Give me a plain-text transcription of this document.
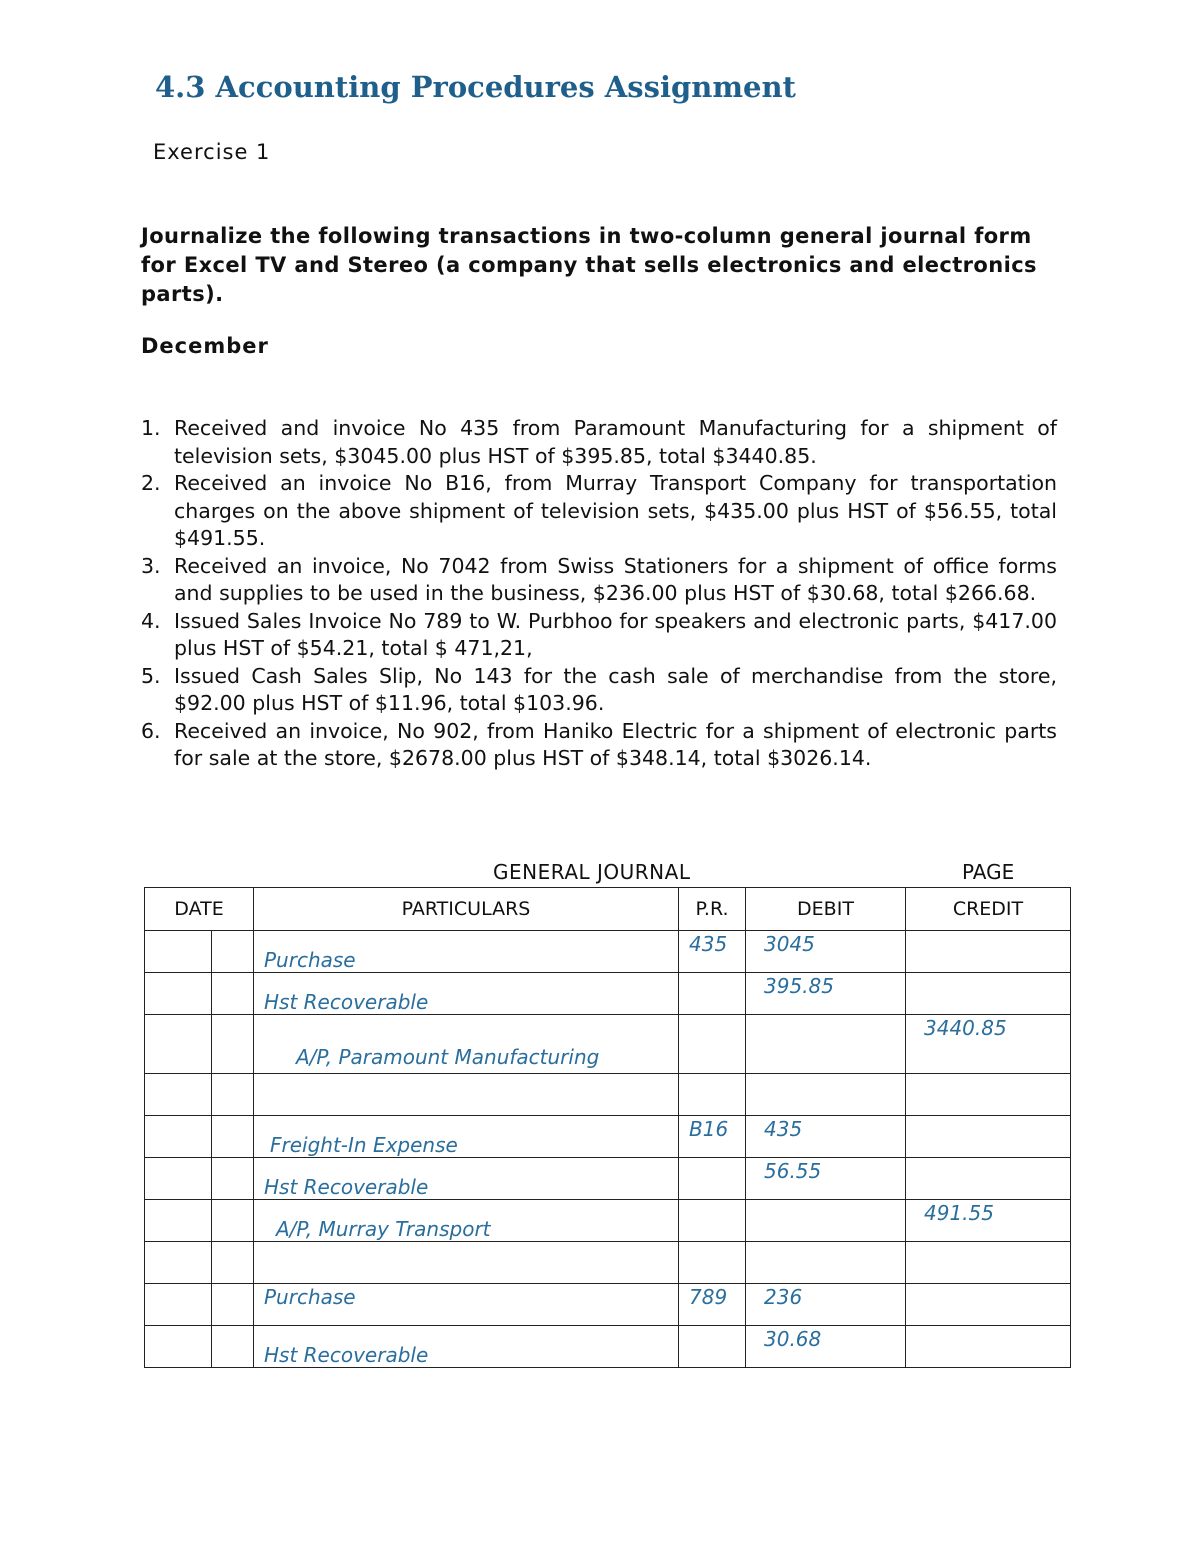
4.3 Accounting Procedures Assignment

Exercise 1

Journalize the following transactions in two-column general journal form for Excel TV and Stereo (a company that sells electronics and electronics parts).

December

1. Received and invoice No 435 from Paramount Manufacturing for a shipment of television sets, $3045.00 plus HST of $395.85, total $3440.85.
2. Received an invoice No B16, from Murray Transport Company for transportation charges on the above shipment of television sets, $435.00 plus HST of $56.55, total $491.55.
3. Received an invoice, No 7042 from Swiss Stationers for a shipment of office forms and supplies to be used in the business, $236.00 plus HST of $30.68, total $266.68.
4. Issued Sales Invoice No 789 to W. Purbhoo for speakers and electronic parts, $417.00 plus HST of $54.21, total $ 471,21,
5. Issued Cash Sales Slip, No 143 for the cash sale of merchandise from the store, $92.00 plus HST of $11.96, total $103.96.
6. Received an invoice, No 902, from Haniko Electric for a shipment of electronic parts for sale at the store, $2678.00 plus HST of $348.14, total $3026.14.

GENERAL JOURNAL	PAGE

DATE		PARTICULARS	P.R.	DEBIT	CREDIT

		Purchase	435	3045	

		Hst Recoverable		395.85	

		A/P, Paramount Manufacturing			3440.85

		Freight-In Expense	B16	435	

		Hst Recoverable		56.55	

		A/P, Murray Transport			491.55

		Purchase	789	236	

		Hst Recoverable		30.68	
